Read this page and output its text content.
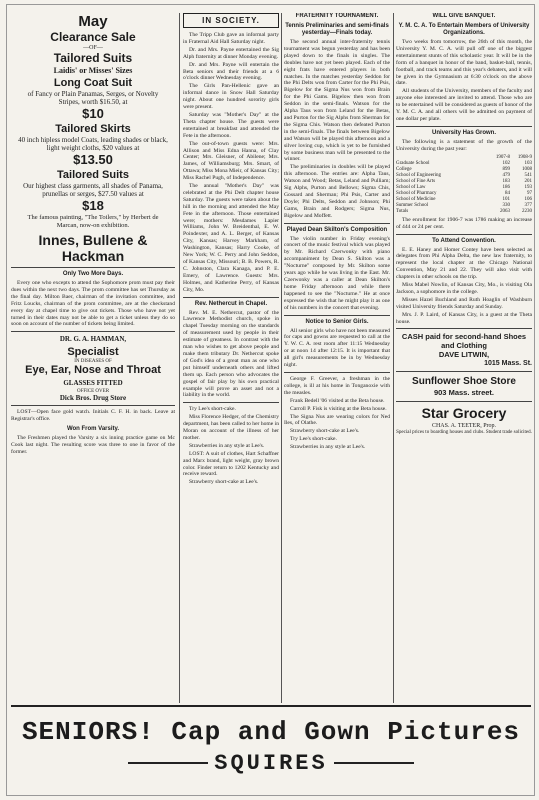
May
Clearance Sale
—OF—
Tailored Suits
Laidis' or Misses' Sizes
Long Coat Suit
of Fancy or Plain Panamas, Serges, or Novelty Stripes, worth $16.50, at
$10
Tailored Skirts
40 inch hipless model Coats, leading shades or black, light weight cloths, $20 values at
$13.50
Tailored Suits
Our highest class garments, all shades of Panama, prunellas or serges, $27.50 values at
$18
The famous painting, "The Toilers," by Herbert de Marcan, now-on exhibition.
Innes, Bullene & Hackman
Only Two More Days.
Every one who excepts to attend the Sophomore prom must pay their dues within the next two days. The prom committee has set Thursday as the final day. Milton Baer, chairman of the invitation committee, and Fritz Loucks, chairman of the prom committee, are at the checkstand every day at chapel time to give out tickets. Those who have not yet turned in their dates may not be able to get a ticket unless they do so soon on account of the number of tickets being limited.
DR. G. A. HAMMAN,
Specialist
IN DISEASES OF
Eye, Ear, Nose and Throat
GLASSES FITTED
OFFICE OVER
Dick Bros. Drug Store
LOST—Open face gold watch. Initials C. F. H. in back. Leave at Registrar's office.
Won From Varsity.
The Freshmen played the Varsity a six inning practice game on Mc Cook last night. The resulting score was three to one in favor of the former.
IN SOCIETY.
The Tripp Club gave an informal party in Fraternal Aid Hall Saturday night.
Dr. and Mrs. Payne entertained the Sig Alph fraternity at dinner Monday evening.
Dr. and Mrs. Payne will entertain the Beta seniors and their friends at a 6 o'clock dinner Wednesday evening.
The Girls Pan-Hellenic gave an informal dance in Snow Hall Saturday night. About one hundred sorority girls were present.
Saturday was "Mother's Day" at the Theta chapter house. The guests were entertained at breakfast and attended the Fete in the afternoon.
The out-of-town guests were: Mrs. Allison and Miss Edna Hanna, of Clay Center; Mrs. Gleisner, of Abilene; Mrs. James, of Williamsburg; Mrs. Smart, of Ottawa; Miss Mona Mieir, of Kansas City; Miss Rachel Pugh, of Independence.
The annual "Mother's Day" was celebrated at the Phi Delt chapter house Saturday. The guests were taken about the hill in the morning and attended the May Fete in the afternoon. Those entertained were; mothers: Mesdames Lapier Williams, John W. Breidenthal, E. W. Poindexter, and A. L. Berger, of Kansas City, Kansas; Harvey Markham, of Washington, Kansas; Harry Cooke, of New York; W. C. Perry and John Seddon, of Kansas City, Missouri; B. B. Powers, R. C. Johnston, Clara Kanaga, and P. E. Emery, of Lawrence. Guests: Mrs. Holmes, and Katherine Perry, of Kansas City, Mo.
Rev. Nethercut in Chapel.
Rev. M. E. Nethercut, pastor of the Lawrence Methodist church, spoke in chapel Tuesday morning on the standards of measurement used by people in their estimate of greatness. In contrast with the man who wishes to get above people and make them tributary Dr. Nethercut spoke of God's idea of a great man as one who put himself underneath others and lifted them up. Each person who advocates the gospel of fair play by his own practical example will prove an asset and not a liability in the world.
Try Lee's short-cake.
Miss Florence Hedger, of the Chemistry department, has been called to her home in Moran on account of the illness of her mother.
Strawberries in any style at Lee's.
LOST: A suit of clothes, Hart Schaffner and Marx brand, light weight, gray brown color. Finder return to 1202 Kentucky and receive reward.
Strawberry short-cake at Lee's.
FRATERNITY TOURNAMENT.
Tennis Preliminaries and semi-finals yesterday—Finals today.
The second annual inter-fraternity tennis tournament was begun yesterday and has been played down to the finals in singles. The doubles have not yet been played. Each of the eight frats have entered players in both matches. In the matches yesterday Seddon for the Phi Delts won from Carter for the Phi Psis, Bigelow for the Sigma Nus won from Brain for the Phi Gams. Bigelow then won from Seddon in the semi-finals. Watson for the Alpha Taus won from Leland for the Betas, and Purton for the Sig Alphs from Sherman for the Sigma Chis. Watson then defeated Purton in the semi-finals. The finals between Bigelow and Watson will be played this afternoon and a silver loving cup, which is yet to be furnished by some business man will be presented to the winner.
The preliminaries in doubles will be played this afternoon. The entries are: Alpha Taus, Watson and Wood; Betas, Leland and Pulliam; Sig Alphs, Purton and Bellows; Sigma Chis, Gossard and Sherman; Phi Psis, Carter and Doyle; Phi Delts, Seddon and Johnson; Phi Gams, Brain and Rodgers; Sigma Nus, Bigelow and Moffett.
Played Dean Skilton's Composition
The violin number in Friday evening's concert of the music festival which was played by Mr. Richard Czerwonky with piano accompaniment by Dean S. Skilton was a "Nocturne" composed by Mr. Skilton some years ago while he was living in the East. Mr. Czerwonky was a caller at Dean Skilton's home Friday afternoon and while there happened to see the "Nocturne." He at once expressed the wish that he might play it as one of his numbers in the concert that evening.
Notice to Senior Girls.
All senior girls who have not been measured for caps and gowns are requested to call at the Y. W. C. A. rest room after 11:15 Wednesday or at noon 14 after 12:15. It is important that all girl's measurements be in by Wednesday night.
George F. Greever, a freshman in the college, is ill at his home in Tonganoxie with the measles.
Frank Bedell '06 visited at the Beta house.
Carroll P. Fisk is visiting at the Beta house.
The Signa Nus are wearing colors for Ned Iles, of Olathe.
Strawberry short-cake at Lee's.
Try Lee's short-cake.
Strawberries in any style at Lee's.
WILL GIVE BANQUET.
Y. M. C. A. To Entertain Members of University Organizations.
Two weeks from tomorrow, the 26th of this month, the University Y. M. C. A. will pull off one of the biggest entertainment stunts of this scholastic year. It will be in the form of a banquet in honor of the band, basket-ball, tennis, football, and track teams and this year's debaters, and it will be given in the Gymnasium at 6:30 o'clock on the above date.
All students of the University, members of the faculty and anyone else interested are invited to attend. Those who are to be entertained will be considered as guests of honor of the Y. M. C. A. and all others will be admitted on payment of one dollar per plate.
University Has Grown.
The following is a statement of the growth of the University during the past year:
1907-8	1908-9
Graduate School	102	103
College	899	1008
School of Engineering	479	541
School of Fine Arts	183	201
School of Law	186	193
School of Pharmacy	84	97
School of Medicine	101	106
Summer School	330	377
Totals	2063	2230
The enrollment for 1906-7 was 1786 making an increase of 444 or 24 per cent.
To Attend Convention.
E. E. Haney and Homer Contey have been selected as delegates from Phi Alpha Delta, the new law fraternity, to represent the local chapter at the Chicago National Convention, May 21 and 22. They will also visit with chapters in other schools on the trip.
Miss Mabel Nowlin, of Kansas City, Mo., is visiting Ola Jackson, a sophomore in the college.
Misses Hazel Buchland and Ruth Hoaglin of Washburn visited University friends Saturday and Sunday.
Mrs. J. P. Laird, of Kansas City, is a guest at the Theta house.
CASH paid for second-hand Shoes and Clothing
DAVE LITWIN,
1015 Mass. St.
Sunflower Shoe Store
903 Mass. street.
Star Grocery
CHAS. A. TEETER, Prop.
Special prices to boarding houses and clubs. Student trade solicited.
SENIORS! Cap and Gown Pictures
SQUIRES
